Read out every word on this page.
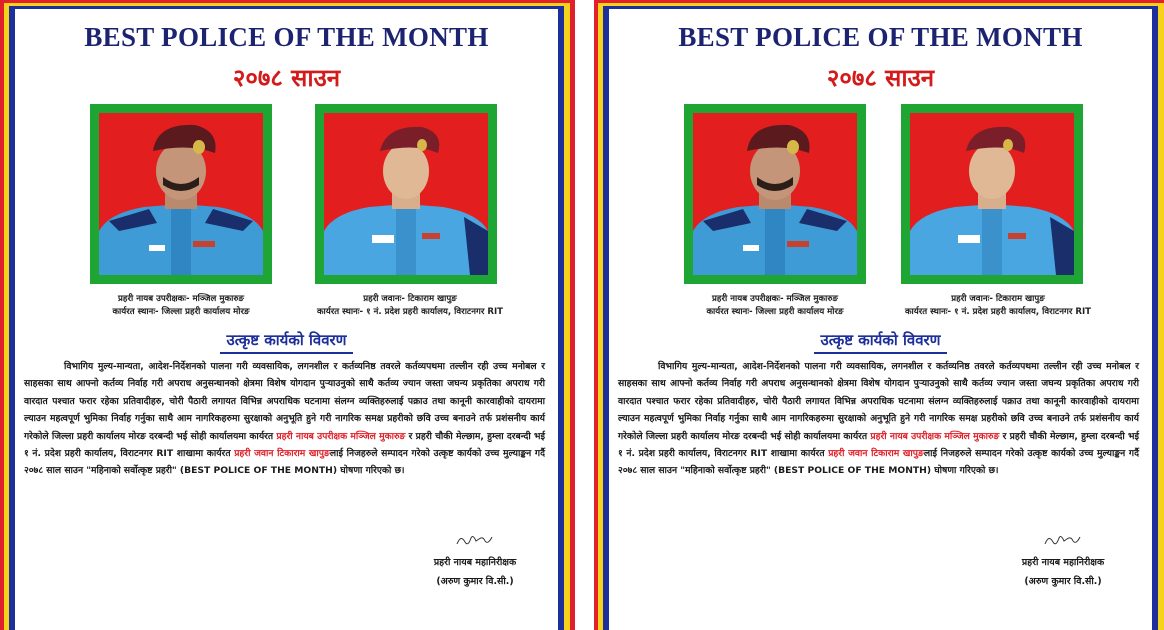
BEST POLICE OF THE MONTH
२०७८ साउन
प्रहरी नायब उपरीक्षकः- मञ्जिल मुकारुङ
कार्यरत स्थानः- जिल्ला प्रहरी कार्यालय मोरङ
प्रहरी जवानः- टिकाराम खापुङ
कार्यरत स्थानः- १ नं. प्रदेश प्रहरी कार्यालय, विराटनगर RIT
उत्कृष्ट कार्यको विवरण
विभागिय मुल्य-मान्यता, आदेश-निर्देशनको पालना गरी व्यवसायिक, लगनशील र कर्तव्यनिष्ठ तवरले कर्तव्यपथमा तल्लीन रही उच्च मनोबल र साहसका साथ आफ्नो कर्तव्य निर्वाह गरी अपराध अनुसन्धानको क्षेत्रमा विशेष योगदान पुऱ्याउनुको साथै कर्तव्य ज्यान जस्ता जघन्य प्रकृतिका अपराध गरी वारदात पश्चात फरार रहेका प्रतिवादीहरु, चोरी पैठारी लगायत विभिन्न अपराधिक घटनामा संलग्न व्यक्तिहरुलाई पक्राउ तथा कानूनी कारवाहीको दायरामा ल्याउन महत्वपूर्ण भुमिका निर्वाह गर्नुका साथै आम नागरिकहरुमा सुरक्षाको अनुभूति हुने गरी नागरिक समक्ष प्रहरीको छवि उच्च बनाउने तर्फ प्रशंसनीय कार्य गरेकोले जिल्ला प्रहरी कार्यालय मोरङ दरबन्दी भई सोही कार्यालयमा कार्यरत प्रहरी नायब उपरीक्षक मञ्जिल मुकारुङ र प्रहरी चौकी मेल्छाम, हुम्ला दरबन्दी भई १ नं. प्रदेश प्रहरी कार्यालय, विराटनगर RIT शाखामा कार्यरत प्रहरी जवान टिकाराम खापुङलाई निजहरुले सम्पादन गरेको उत्कृष्ट कार्यको उच्च मुल्याङ्कन गर्दै २०७८ साल साउन "महिनाको सर्वोत्कृष्ट प्रहरी" (BEST POLICE OF THE MONTH) घोषणा गरिएको छ।
प्रहरी नायब महानिरीक्षक
(अरुण कुमार वि.सी.)
BEST POLICE OF THE MONTH
२०७८ साउन
प्रहरी नायब उपरीक्षकः- मञ्जिल मुकारुङ
कार्यरत स्थानः- जिल्ला प्रहरी कार्यालय मोरङ
प्रहरी जवानः- टिकाराम खापुङ
कार्यरत स्थानः- १ नं. प्रदेश प्रहरी कार्यालय, विराटनगर RIT
उत्कृष्ट कार्यको विवरण
विभागिय मुल्य-मान्यता, आदेश-निर्देशनको पालना गरी व्यवसायिक, लगनशील र कर्तव्यनिष्ठ तवरले कर्तव्यपथमा तल्लीन रही उच्च मनोबल र साहसका साथ आफ्नो कर्तव्य निर्वाह गरी अपराध अनुसन्धानको क्षेत्रमा विशेष योगदान पुऱ्याउनुको साथै कर्तव्य ज्यान जस्ता जघन्य प्रकृतिका अपराध गरी वारदात पश्चात फरार रहेका प्रतिवादीहरु, चोरी पैठारी लगायत विभिन्न अपराधिक घटनामा संलग्न व्यक्तिहरुलाई पक्राउ तथा कानूनी कारवाहीको दायरामा ल्याउन महत्वपूर्ण भुमिका निर्वाह गर्नुका साथै आम नागरिकहरुमा सुरक्षाको अनुभूति हुने गरी नागरिक समक्ष प्रहरीको छवि उच्च बनाउने तर्फ प्रशंसनीय कार्य गरेकोले जिल्ला प्रहरी कार्यालय मोरङ दरबन्दी भई सोही कार्यालयमा कार्यरत प्रहरी नायब उपरीक्षक मञ्जिल मुकारुङ र प्रहरी चौकी मेल्छाम, हुम्ला दरबन्दी भई १ नं. प्रदेश प्रहरी कार्यालय, विराटनगर RIT शाखामा कार्यरत प्रहरी जवान टिकाराम खापुङलाई निजहरुले सम्पादन गरेको उत्कृष्ट कार्यको उच्च मुल्याङ्कन गर्दै २०७८ साल साउन "महिनाको सर्वोत्कृष्ट प्रहरी" (BEST POLICE OF THE MONTH) घोषणा गरिएको छ।
प्रहरी नायब महानिरीक्षक
(अरुण कुमार वि.सी.)
